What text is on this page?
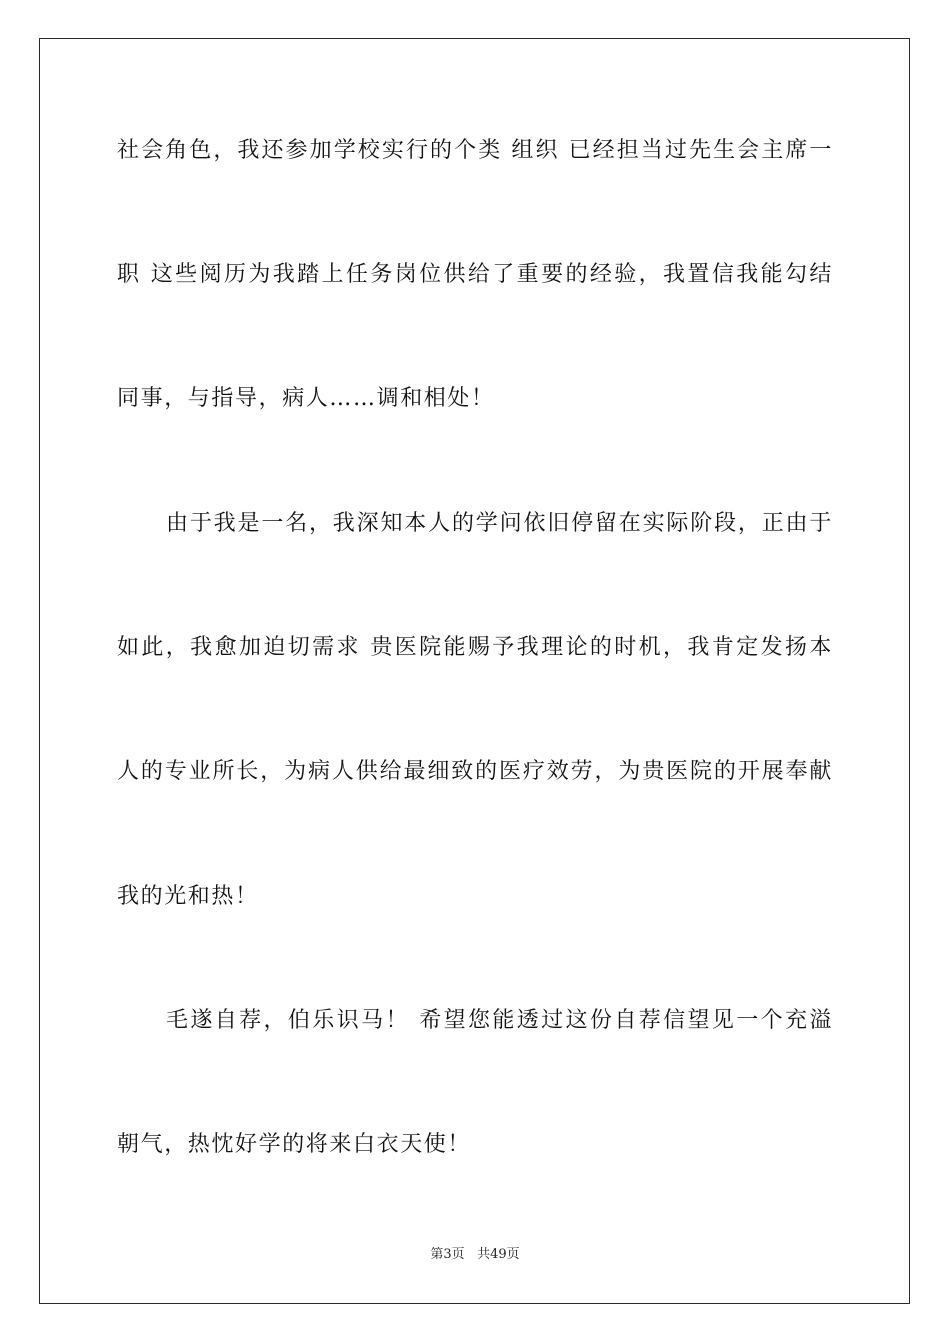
社会角色，我还参加学校实行的个类 组织 已经担当过先生会主席一
职 这些阅历为我踏上任务岗位供给了重要的经验，我置信我能勾结
同事，与指导，病人……调和相处！
由于我是一名，我深知本人的学问依旧停留在实际阶段，正由于
如此，我愈加迫切需求 贵医院能赐予我理论的时机，我肯定发扬本
人的专业所长，为病人供给最细致的医疗效劳，为贵医院的开展奉献
我的光和热！
毛遂自荐，伯乐识马！ 希望您能透过这份自荐信望见一个充溢
朝气，热忱好学的将来白衣天使！
第3页 共49页
